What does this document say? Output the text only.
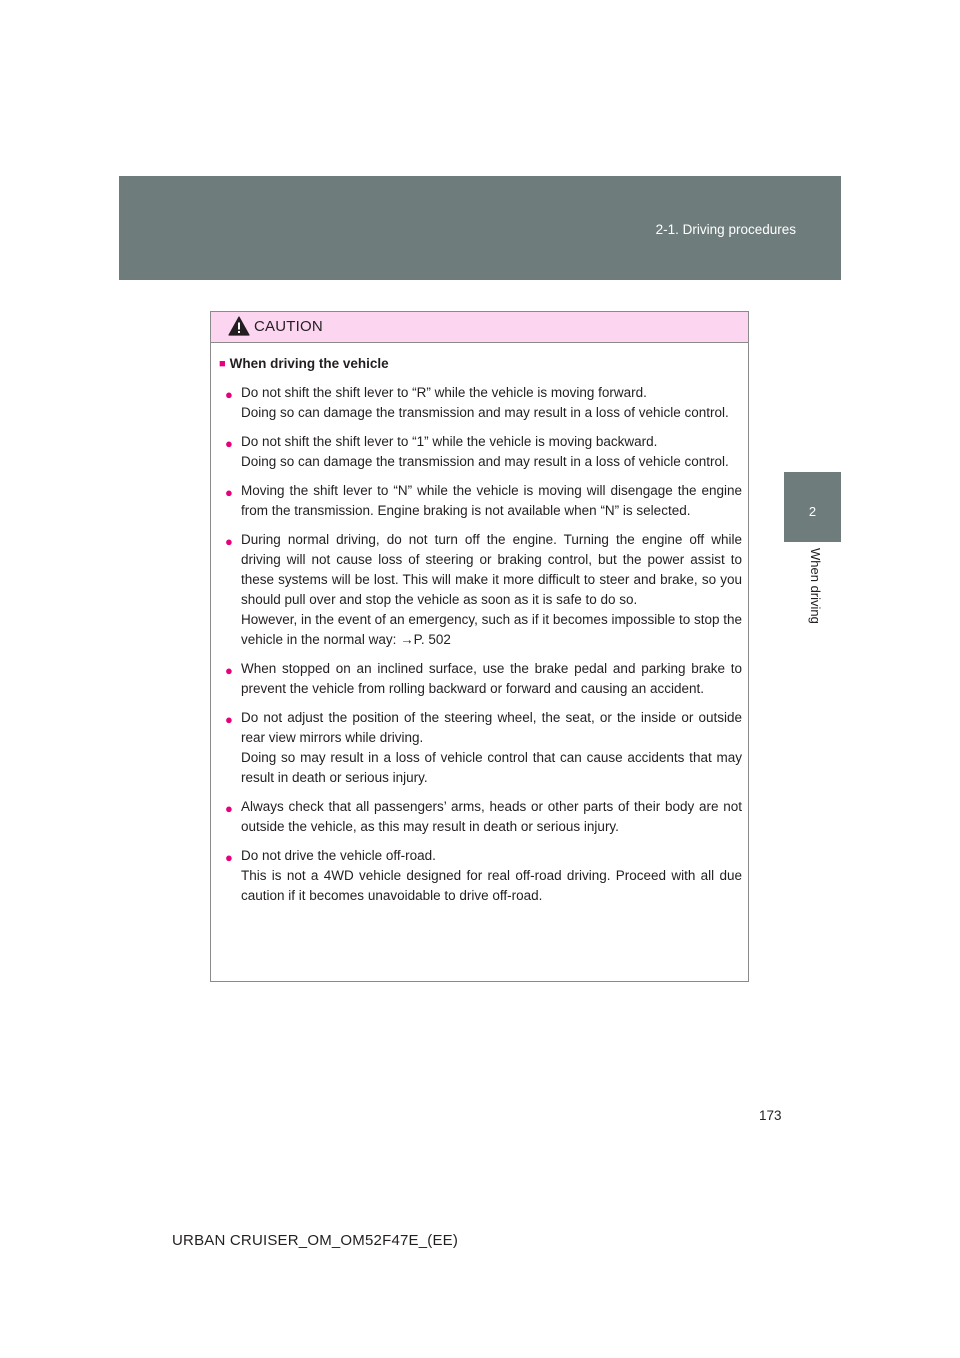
2-1. Driving procedures
2
When driving
CAUTION
■ When driving the vehicle
● Do not shift the shift lever to “R” while the vehicle is moving forward.
Doing so can damage the transmission and may result in a loss of vehicle control.
● Do not shift the shift lever to “1” while the vehicle is moving backward.
Doing so can damage the transmission and may result in a loss of vehicle control.
● Moving the shift lever to “N” while the vehicle is moving will disengage the engine from the transmission. Engine braking is not available when “N” is selected.
● During normal driving, do not turn off the engine. Turning the engine off while driving will not cause loss of steering or braking control, but the power assist to these systems will be lost. This will make it more difficult to steer and brake, so you should pull over and stop the vehicle as soon as it is safe to do so.
However, in the event of an emergency, such as if it becomes impossible to stop the vehicle in the normal way: →P. 502
● When stopped on an inclined surface, use the brake pedal and parking brake to prevent the vehicle from rolling backward or forward and causing an accident.
● Do not adjust the position of the steering wheel, the seat, or the inside or outside rear view mirrors while driving.
Doing so may result in a loss of vehicle control that can cause accidents that may result in death or serious injury.
● Always check that all passengers’ arms, heads or other parts of their body are not outside the vehicle, as this may result in death or serious injury.
● Do not drive the vehicle off-road.
This is not a 4WD vehicle designed for real off-road driving. Proceed with all due caution if it becomes unavoidable to drive off-road.
173
URBAN CRUISER_OM_OM52F47E_(EE)
